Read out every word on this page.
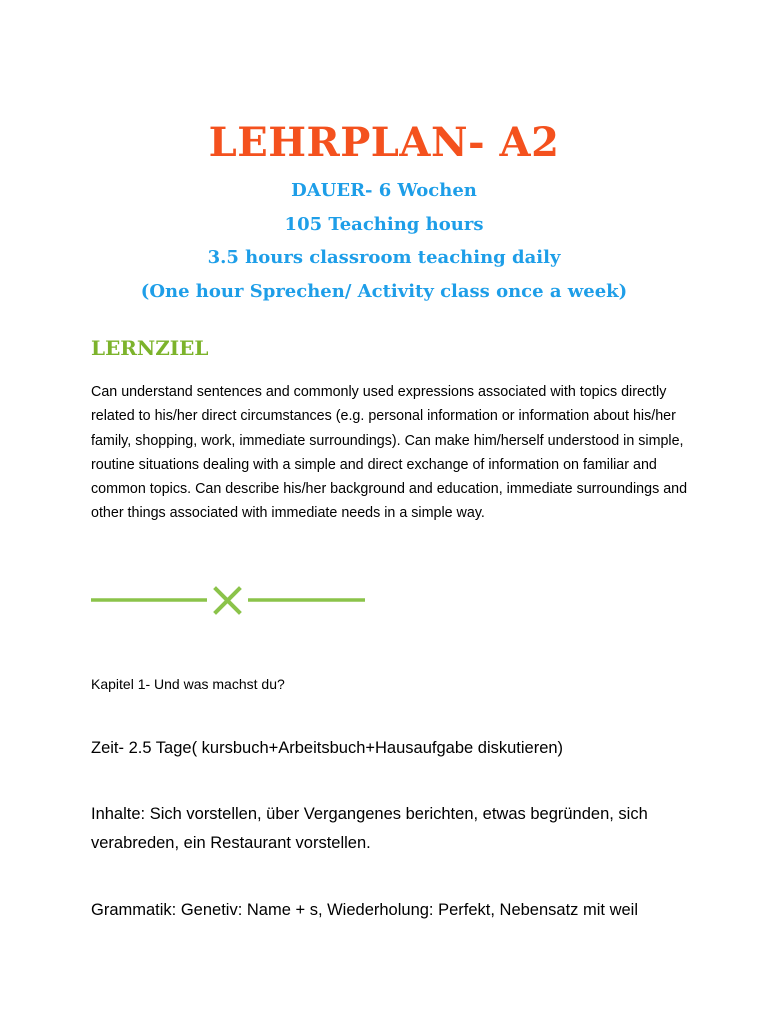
LEHRPLAN- A2
DAUER- 6 Wochen
105 Teaching hours
3.5 hours classroom teaching daily
(One hour Sprechen/ Activity class once a week)
LERNZIEL
Can understand sentences and commonly used expressions associated with topics directly related to his/her direct circumstances (e.g. personal information or information about his/her family, shopping, work, immediate surroundings). Can make him/herself understood in simple, routine situations dealing with a simple and direct exchange of information on familiar and common topics. Can describe his/her background and education, immediate surroundings and other things associated with immediate needs in a simple way.
Kapitel 1- Und was machst du?
Zeit- 2.5 Tage( kursbuch+Arbeitsbuch+Hausaufgabe diskutieren)
Inhalte: Sich vorstellen, über Vergangenes berichten, etwas begründen, sich verabreden, ein Restaurant vorstellen.
Grammatik: Genetiv: Name + s, Wiederholung: Perfekt, Nebensatz mit weil
